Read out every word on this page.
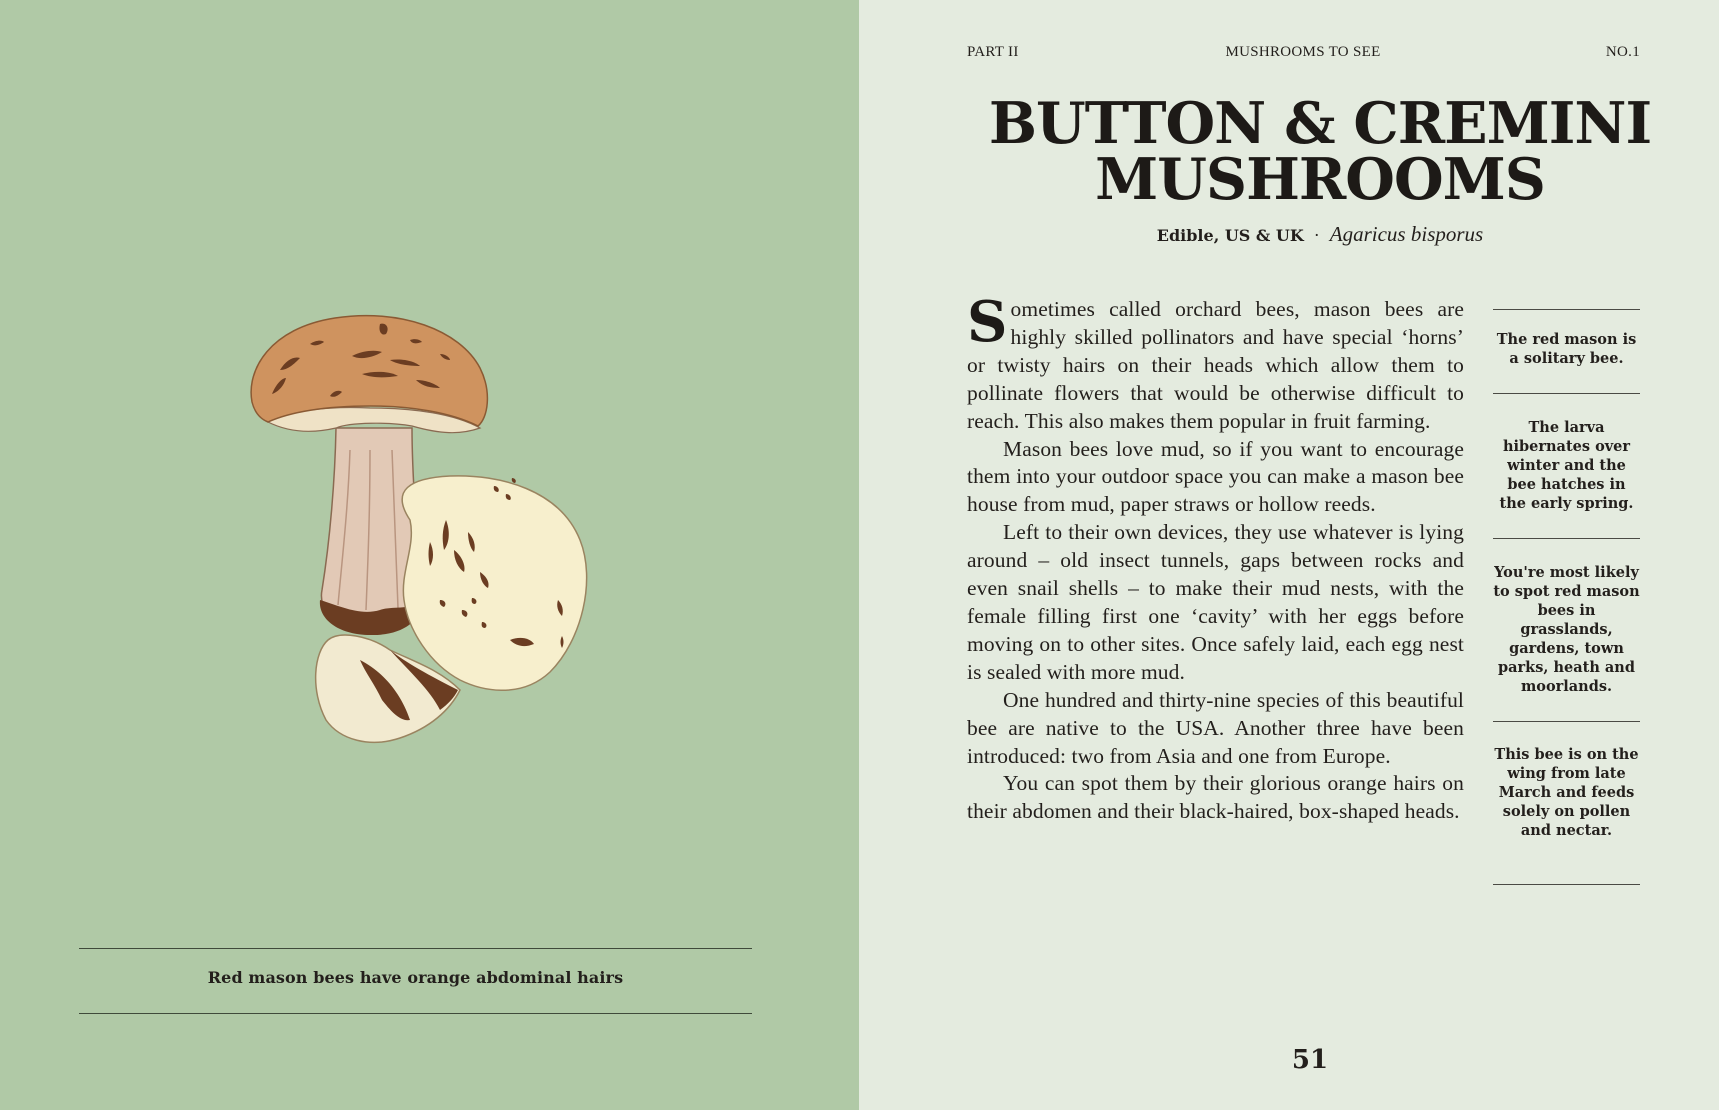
Red mason bees have orange abdominal hairs
PART II	MUSHROOMS TO SEE	NO.1
BUTTON & CREMINI
MUSHROOMS
Edible, US & UK · Agaricus bisporus

Sometimes called orchard bees, mason bees are highly skilled pollinators and have special ‘horns’ or twisty hairs on their heads which allow them to pollinate flowers that would be otherwise difficult to reach. This also makes them popular in fruit farming.

Mason bees love mud, so if you want to encourage them into your outdoor space you can make a mason bee house from mud, paper straws or hollow reeds.

Left to their own devices, they use whatever is lying around – old insect tunnels, gaps between rocks and even snail shells – to make their mud nests, with the female filling first one ‘cavity’ with her eggs before moving on to other sites. Once safely laid, each egg nest is sealed with more mud.

One hundred and thirty-nine species of this beautiful bee are native to the USA. Another three have been introduced: two from Asia and one from Europe.

You can spot them by their glorious orange hairs on their abdomen and their black-haired, box-shaped heads.

The red mason is a solitary bee.
The larva hibernates over winter and the bee hatches in the early spring.
You're most likely to spot red mason bees in grasslands, gardens, town parks, heath and moorlands.
This bee is on the wing from late March and feeds solely on pollen and nectar.
51
